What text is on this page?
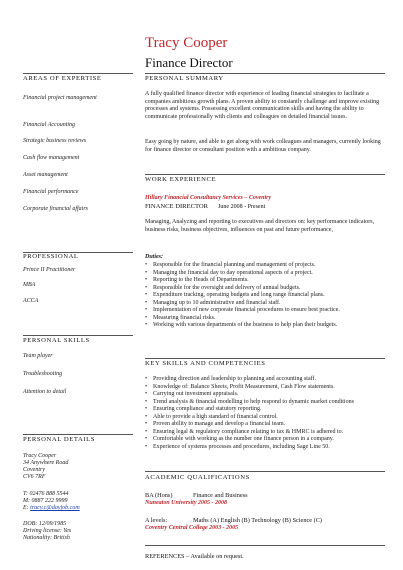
Tracy Cooper
Finance Director
AREAS OF EXPERTISE
Financial project management
Financial Accounting
Strategic business reviews
Cash flow management
Asset management
Financial performance
Corporate financial affairs
PROFESSIONAL
Prince II Practitioner
MBA
ACCA
PERSONAL SKILLS
Team player
Troubleshooting
Attention to detail
PERSONAL DETAILS
Tracy Cooper
34 Anywhere Road
Coventry
CV6 7RF
T: 02476 888 5544
M: 0887 222 9999
E: tracy.c@dayjob.com
DOB: 12/09/1985
Driving license: Yes
Nationality: British
PERSONAL SUMMARY

A fully qualified finance director with experience of leading financial strategies to facilitate a companies ambitious growth plans. A proven ability to constantly challenge and improve existing processes and systems. Possessing excellent communication skills and having the ability to communicate professionally with clients and colleagues on detailed financial issues.

Easy going by nature, and able to get along with work colleagues and managers, currently looking for finance director or consultant position with a ambitious company.

WORK EXPERIENCE
Hillary Financial Consultancy Services – Coventry
FINANCE DIRECTOR June 2008 - Present

Managing, Analyzing and reporting to executives and directors on: key performance indicators, business risks, business objectives, influences on past and future performance,

Duties:
• Responsible for the financial planning and management of projects.
• Managing the financial day to day operational aspects of a project.
• Reporting to the Heads of Departments.
• Responsible for the oversight and delivery of annual budgets.
• Expenditure tracking, operating budgets and long range financial plans.
• Managing up to 10 administrative and financial staff.
• Implementation of new corporate financial procedures to ensure best practice.
• Measuring financial risks.
• Working with various departments of the business to help plan their budgets.
KEY SKILLS AND COMPETENCIES
• Providing direction and leadership to planning and accounting staff.
• Knowledge of: Balance Sheets, Profit Measurement, Cash Flow statements.
• Carrying out investment appraisals.
• Trend analysis & financial modelling to help respond to dynamic market conditions
• Ensuring compliance and statutory reporting.
• Able to provide a high standard of financial control.
• Proven ability to manage and develop a financial team.
• Ensuring legal & regulatory compliance relating to tax & HMRC is adhered to.
• Comfortable with working as the number one finance person in a company.
• Experience of systems processes and procedures, including Sage Line 50.
ACADEMIC QUALIFICATIONS
BA (Hons)	Finance and Business
Nuneaton University 2005 - 2008
A levels:	Maths (A) English (B) Technology (B) Science (C)
Coventry Central College 2003 - 2005
REFERENCES – Available on request.
